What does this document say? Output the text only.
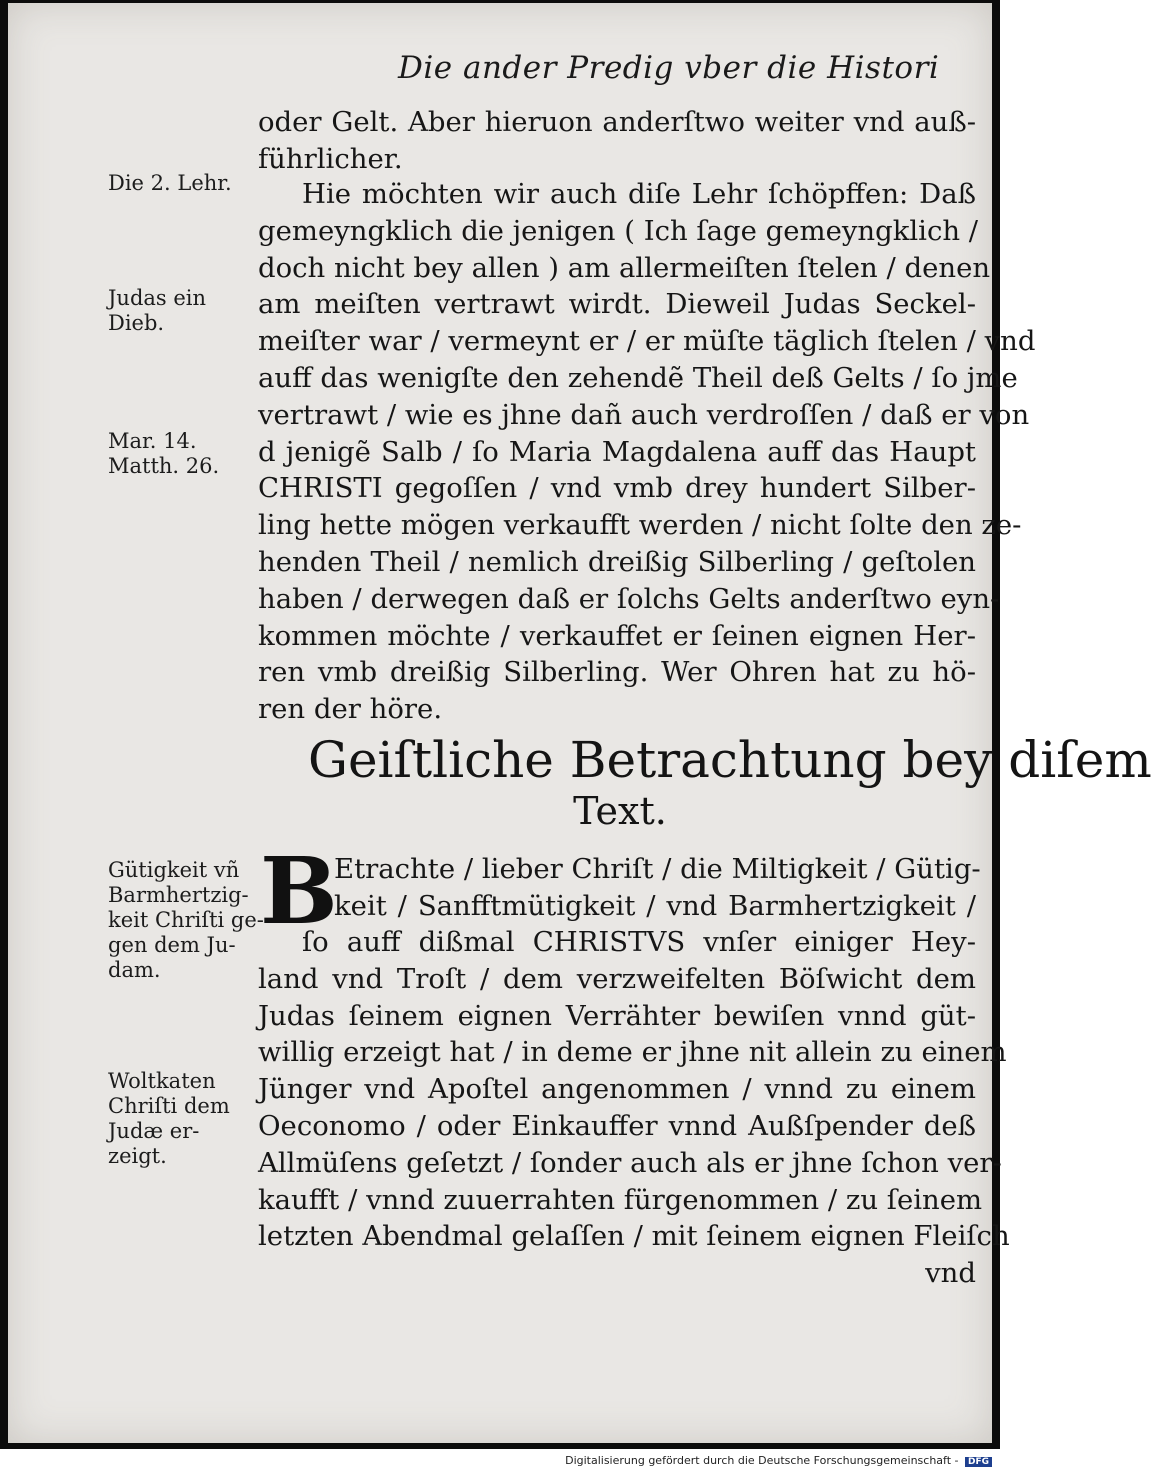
Die ander Predig vber die Histori
oder Gelt. Aber hieruon anderſtwo weiter vnd auß-
führlicher.
Hie möchten wir auch diſe Lehr ſchöpffen: Daß
gemeyngklich die jenigen ( Ich ſage gemeyngklich /
doch nicht bey allen ) am allermeiſten ſtelen / denen
am meiſten vertrawt wirdt. Dieweil Judas Seckel-
meiſter war / vermeynt er / er müſte täglich ſtelen / vnd
auff das wenigſte den zehendẽ Theil deß Gelts / ſo jme
vertrawt / wie es jhne dañ auch verdroſſen / daß er von
d jenigẽ Salb / ſo Maria Magdalena auff das Haupt
CHRISTI gegoſſen / vnd vmb drey hundert Silber-
ling hette mögen verkaufft werden / nicht ſolte den ze-
henden Theil / nemlich dreißig Silberling / geſtolen
haben / derwegen daß er ſolchs Gelts anderſtwo eyn-
kommen möchte / verkauffet er ſeinen eignen Her-
ren vmb dreißig Silberling. Wer Ohren hat zu hö-
ren der höre.
Geiſtliche Betrachtung bey diſem
Text.
B
Etrachte / lieber Chriſt / die Miltigkeit / Gütig-
keit / Sanfftmütigkeit / vnd Barmhertzigkeit /
ſo auff dißmal CHRISTVS vnſer einiger Hey-
land vnd Troſt / dem verzweifelten Böſwicht dem
Judas ſeinem eignen Verrähter bewiſen vnnd güt-
willig erzeigt hat / in deme er jhne nit allein zu einem
Jünger vnd Apoſtel angenommen / vnnd zu einem
Oeconomo / oder Einkauffer vnnd Außſpender deß
Allmüſens geſetzt / ſonder auch als er jhne ſchon ver-
kaufft / vnnd zuuerrahten fürgenommen / zu ſeinem
letzten Abendmal gelaſſen / mit ſeinem eignen Fleiſch
vnd
Die 2. Lehr.
Judas ein
Dieb.
Mar. 14.
Matth. 26.
Gütigkeit vñ
Barmhertzig-
keit Chriſti ge-
gen dem Ju-
dam.
Woltkaten
Chriſti dem
Judæ er-
zeigt.
Digitalisierung gefördert durch die Deutsche Forschungsgemeinschaft - DFG
